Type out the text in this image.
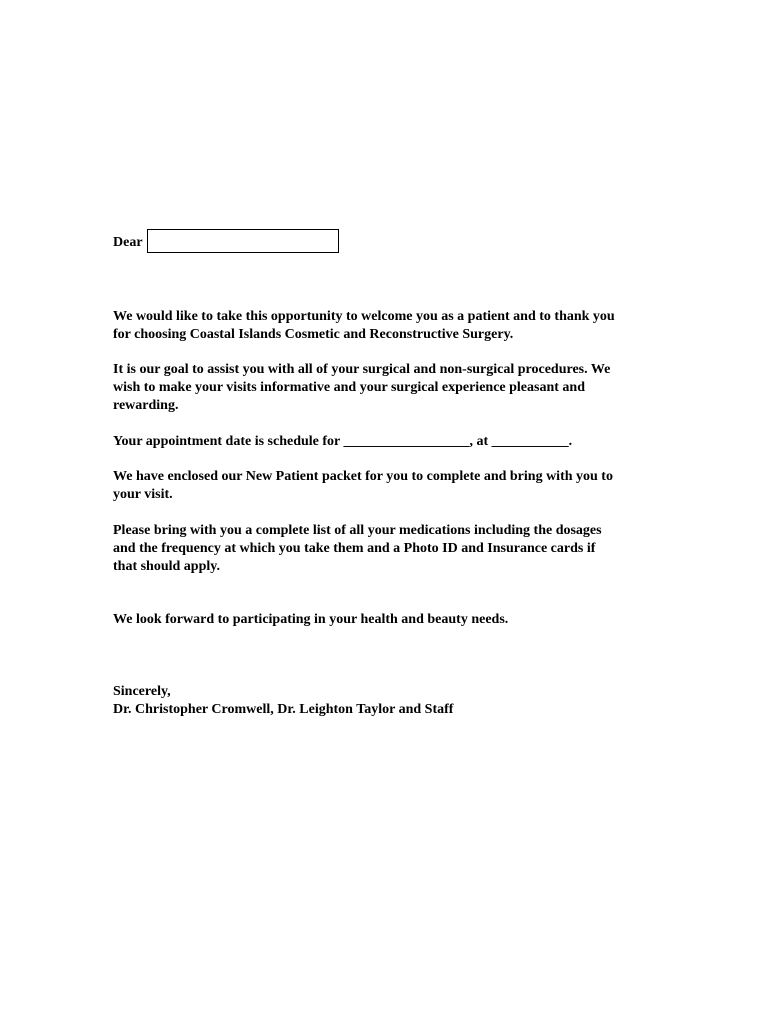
Dear

We would like to take this opportunity to welcome you as a patient and to thank you
for choosing Coastal Islands Cosmetic and Reconstructive Surgery.

It is our goal to assist you with all of your surgical and non-surgical procedures. We
wish to make your visits informative and your surgical experience pleasant and
rewarding.

Your appointment date is schedule for __________________, at ___________.

We have enclosed our New Patient packet for you to complete and bring with you to
your visit.

Please bring with you a complete list of all your medications including the dosages
and the frequency at which you take them and a Photo ID and Insurance cards if
that should apply.

We look forward to participating in your health and beauty needs.

Sincerely,

Dr. Christopher Cromwell, Dr. Leighton Taylor and Staff
